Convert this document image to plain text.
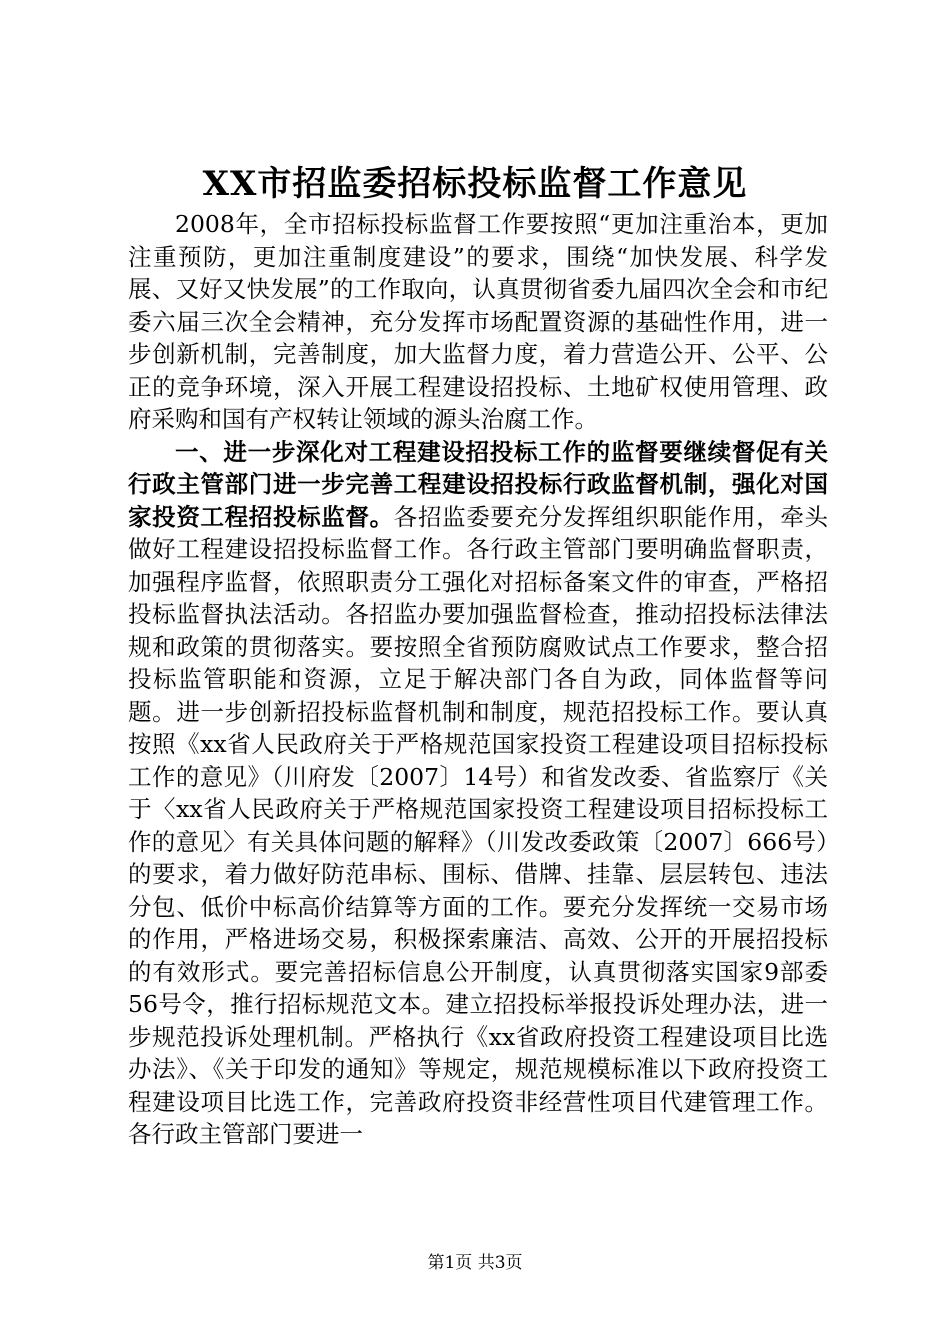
XX市招监委招标投标监督工作意见

2008年，全市招标投标监督工作要按照“更加注重治本，更加注重预防，更加注重制度建设”的要求，围绕“加快发展、科学发展、又好又快发展”的工作取向，认真贯彻省委九届四次全会和市纪委六届三次全会精神，充分发挥市场配置资源的基础性作用，进一步创新机制，完善制度，加大监督力度，着力营造公开、公平、公正的竞争环境，深入开展工程建设招投标、土地矿权使用管理、政府采购和国有产权转让领域的源头治腐工作。

一、进一步深化对工程建设招投标工作的监督要继续督促有关行政主管部门进一步完善工程建设招投标行政监督机制，强化对国家投资工程招投标监督。各招监委要充分发挥组织职能作用，牵头做好工程建设招投标监督工作。各行政主管部门要明确监督职责，加强程序监督，依照职责分工强化对招标备案文件的审查，严格招投标监督执法活动。各招监办要加强监督检查，推动招投标法律法规和政策的贯彻落实。要按照全省预防腐败试点工作要求，整合招投标监管职能和资源，立足于解决部门各自为政，同体监督等问题。进一步创新招投标监督机制和制度，规范招投标工作。要认真按照《xx省人民政府关于严格规范国家投资工程建设项目招标投标工作的意见》（川府发〔2007〕14号）和省发改委、省监察厅《关于〈xx省人民政府关于严格规范国家投资工程建设项目招标投标工作的意见〉有关具体问题的解释》（川发改委政策〔2007〕666号）的要求，着力做好防范串标、围标、借牌、挂靠、层层转包、违法分包、低价中标高价结算等方面的工作。要充分发挥统一交易市场的作用，严格进场交易，积极探索廉洁、高效、公开的开展招投标的有效形式。要完善招标信息公开制度，认真贯彻落实国家9部委56号令，推行招标规范文本。建立招投标举报投诉处理办法，进一步规范投诉处理机制。严格执行《xx省政府投资工程建设项目比选办法》、《关于印发的通知》等规定，规范规模标准以下政府投资工程建设项目比选工作，完善政府投资非经营性项目代建管理工作。各行政主管部门要进一

第1页 共3页
